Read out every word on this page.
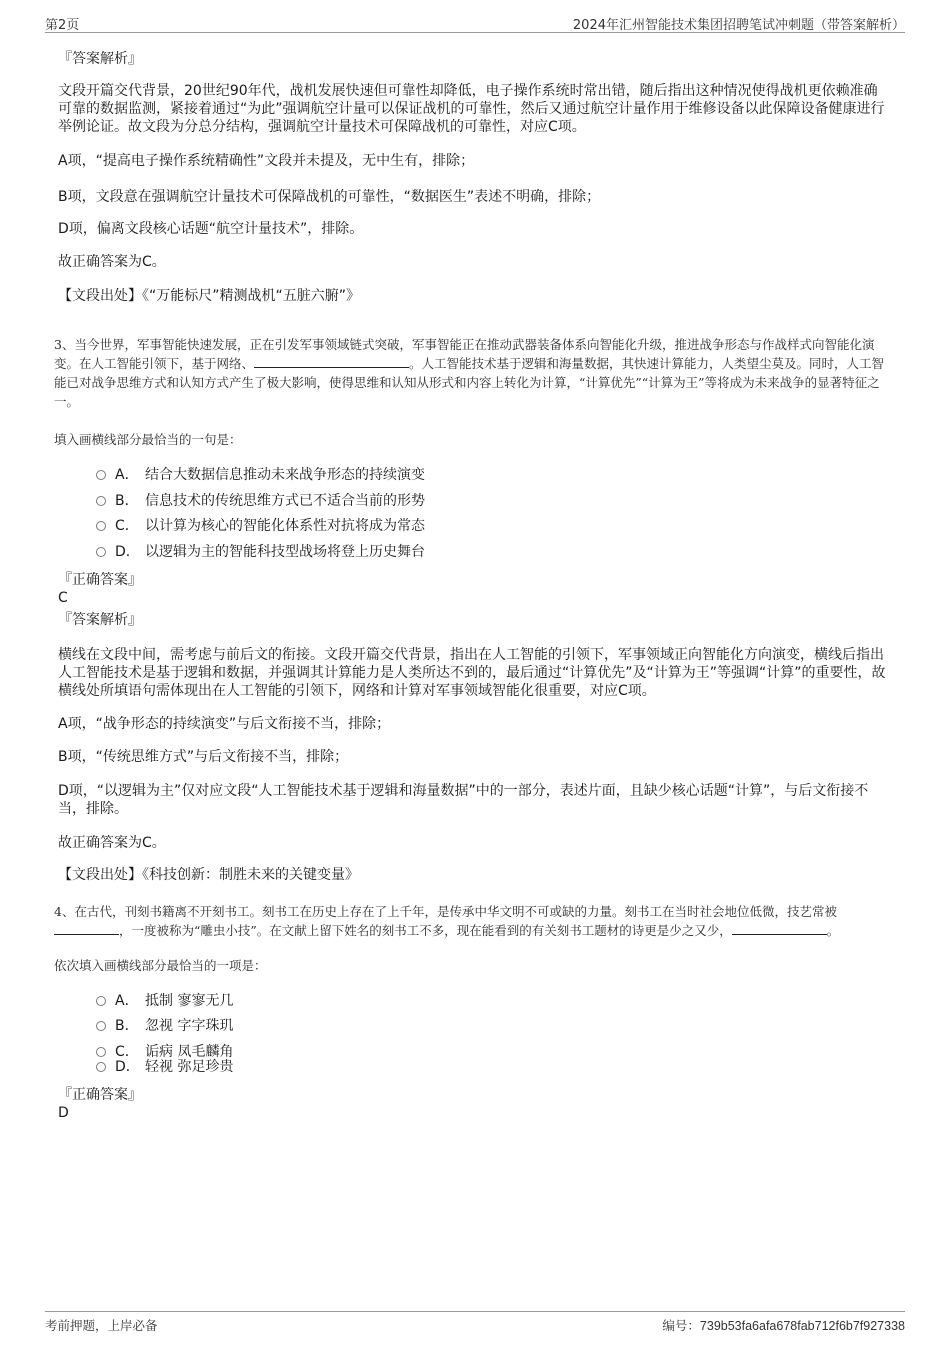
第2页	2024年汇州智能技术集团招聘笔试冲刺题（带答案解析）
『答案解析』
文段开篇交代背景，20世纪90年代，战机发展快速但可靠性却降低，电子操作系统时常出错，随后指出这种情况使得战机更依赖准确可靠的数据监测，紧接着通过“为此”强调航空计量可以保证战机的可靠性，然后又通过航空计量作用于维修设备以此保障设备健康进行举例论证。故文段为分总分结构，强调航空计量技术可保障战机的可靠性，对应C项。
A项，“提高电子操作系统精确性”文段并未提及，无中生有，排除；
B项，文段意在强调航空计量技术可保障战机的可靠性，“数据医生”表述不明确，排除；
D项，偏离文段核心话题“航空计量技术”，排除。
故正确答案为C。
【文段出处】《“万能标尺”精测战机“五脏六腑”》
3、当今世界，军事智能快速发展，正在引发军事领域链式突破，军事智能正在推动武器装备体系向智能化升级，推进战争形态与作战样式向智能化演变。在人工智能引领下，基于网络、	。人工智能技术基于逻辑和海量数据，其快速计算能力，人类望尘莫及。同时，人工智能已对战争思维方式和认知方式产生了极大影响，使得思维和认知从形式和内容上转化为计算，“计算优先”“计算为王”等将成为未来战争的显著特征之一。
填入画横线部分最恰当的一句是：
A． 结合大数据信息推动未来战争形态的持续演变
B． 信息技术的传统思维方式已不适合当前的形势
C． 以计算为核心的智能化体系性对抗将成为常态
D． 以逻辑为主的智能科技型战场将登上历史舞台
『正确答案』
C
『答案解析』
横线在文段中间，需考虑与前后文的衔接。文段开篇交代背景，指出在人工智能的引领下，军事领域正向智能化方向演变，横线后指出人工智能技术是基于逻辑和数据，并强调其计算能力是人类所达不到的，最后通过“计算优先”及“计算为王”等强调“计算”的重要性，故横线处所填语句需体现出在人工智能的引领下，网络和计算对军事领域智能化很重要，对应C项。
A项，“战争形态的持续演变”与后文衔接不当，排除；
B项，“传统思维方式”与后文衔接不当，排除；
D项，“以逻辑为主”仅对应文段“人工智能技术基于逻辑和海量数据”中的一部分，表述片面，且缺少核心话题“计算”，与后文衔接不当，排除。
故正确答案为C。
【文段出处】《科技创新：制胜未来的关键变量》
4、在古代，刊刻书籍离不开刻书工。刻书工在历史上存在了上千年，是传承中华文明不可或缺的力量。刻书工在当时社会地位低微，技艺常被，一度被称为“雕虫小技”。在文献上留下姓名的刻书工不多，现在能看到的有关刻书工题材的诗更是少之又少，	。
依次填入画横线部分最恰当的一项是：
A． 抵制 寥寥无几
B． 忽视 字字珠玑
C． 诟病 凤毛麟角
D． 轻视 弥足珍贵
『正确答案』
D
考前押题，上岸必备	编号：739b53fa6afa678fab712f6b7f927338
